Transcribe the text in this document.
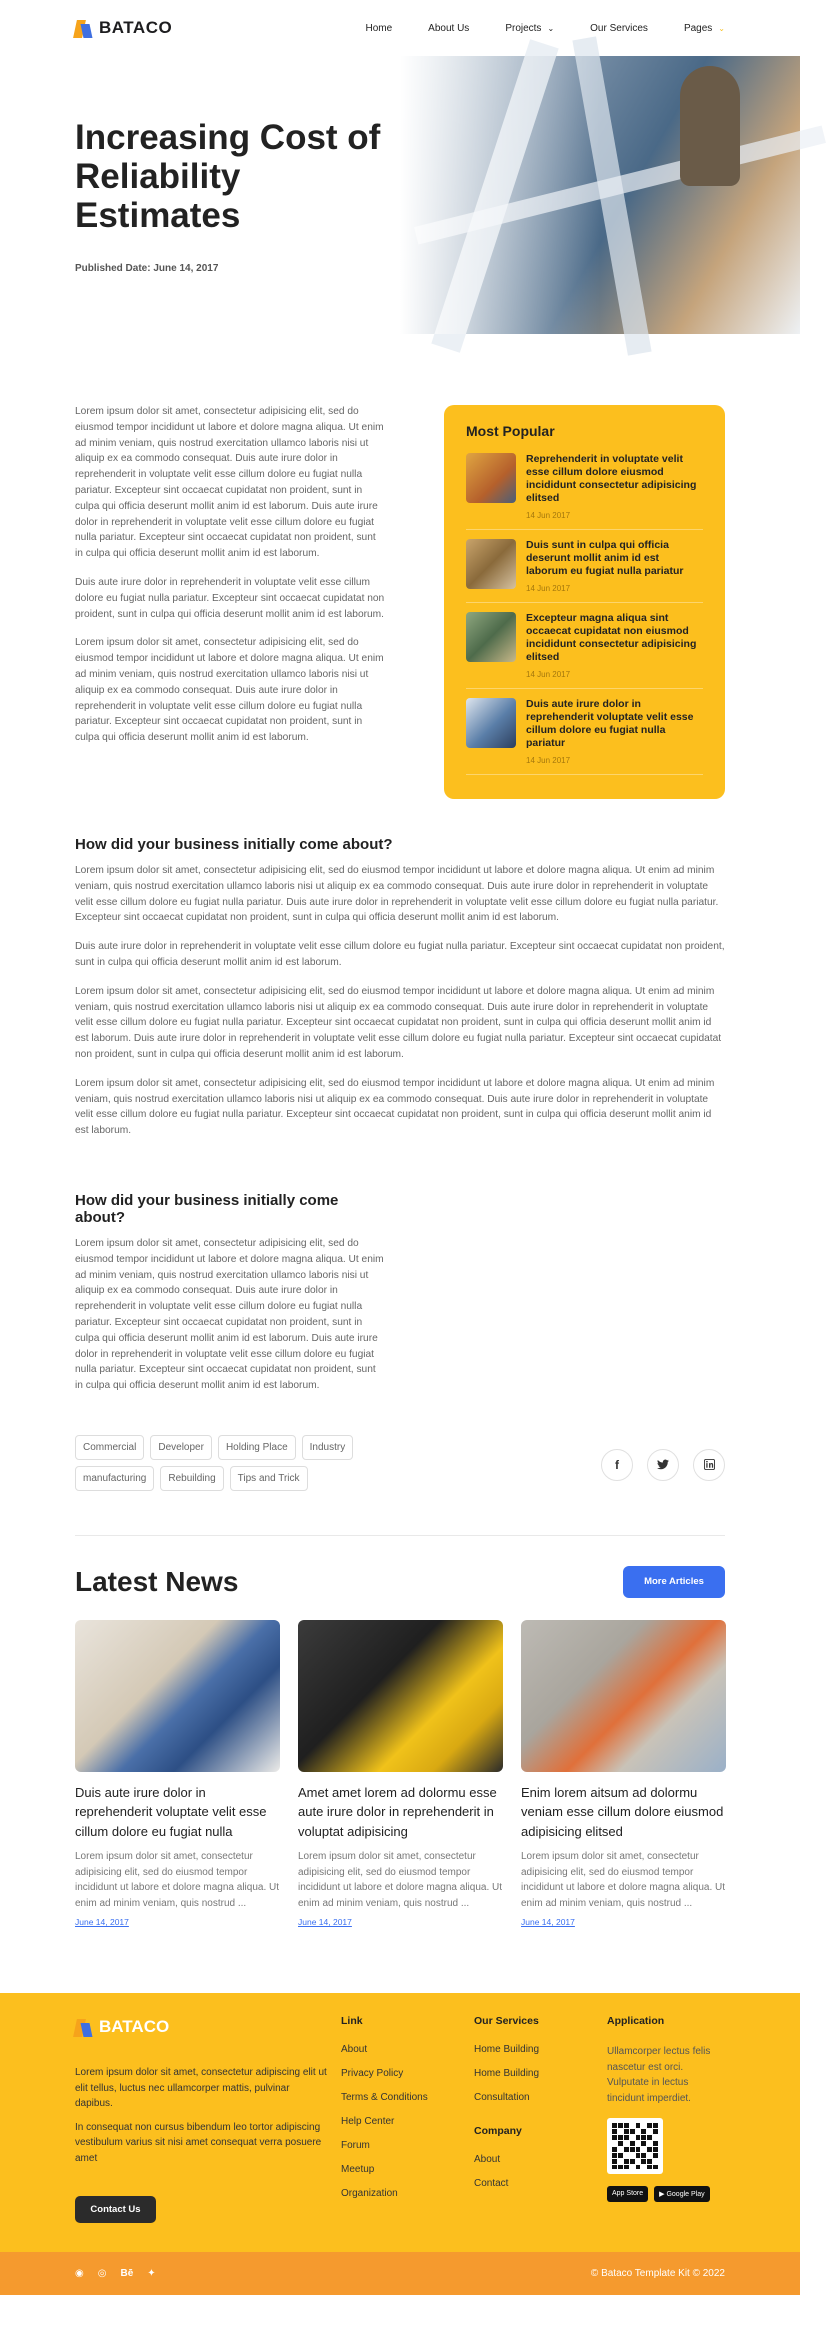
BATACO	Home	About Us	Projects ⌄	Our Services	Pages ⌄
Increasing Cost of Reliability Estimates
Published Date: June 14, 2017

Lorem ipsum dolor sit amet, consectetur adipisicing elit, sed do eiusmod tempor incididunt ut labore et dolore magna aliqua. Ut enim ad minim veniam, quis nostrud exercitation ullamco laboris nisi ut aliquip ex ea commodo consequat. Duis aute irure dolor in reprehenderit in voluptate velit esse cillum dolore eu fugiat nulla pariatur. Excepteur sint occaecat cupidatat non proident, sunt in culpa qui officia deserunt mollit anim id est laborum. Duis aute irure dolor in reprehenderit in voluptate velit esse cillum dolore eu fugiat nulla pariatur. Excepteur sint occaecat cupidatat non proident, sunt in culpa qui officia deserunt mollit anim id est laborum.

Duis aute irure dolor in reprehenderit in voluptate velit esse cillum dolore eu fugiat nulla pariatur. Excepteur sint occaecat cupidatat non proident, sunt in culpa qui officia deserunt mollit anim id est laborum.

Lorem ipsum dolor sit amet, consectetur adipisicing elit, sed do eiusmod tempor incididunt ut labore et dolore magna aliqua. Ut enim ad minim veniam, quis nostrud exercitation ullamco laboris nisi ut aliquip ex ea commodo consequat. Duis aute irure dolor in reprehenderit in voluptate velit esse cillum dolore eu fugiat nulla pariatur. Excepteur sint occaecat cupidatat non proident, sunt in culpa qui officia deserunt mollit anim id est laborum.

Most Popular
Reprehenderit in voluptate velit esse cillum dolore eiusmod incididunt consectetur adipisicing elitsed
14 Jun 2017
Duis sunt in culpa qui officia deserunt mollit anim id est laborum eu fugiat nulla pariatur
14 Jun 2017
Excepteur magna aliqua sint occaecat cupidatat non eiusmod incididunt consectetur adipisicing elitsed
14 Jun 2017
Duis aute irure dolor in reprehenderit voluptate velit esse cillum dolore eu fugiat nulla pariatur
14 Jun 2017
Articles
How did your business initially come about?

Lorem ipsum dolor sit amet, consectetur adipisicing elit, sed do eiusmod tempor incididunt ut labore et dolore magna aliqua. Ut enim ad minim veniam, quis nostrud exercitation ullamco laboris nisi ut aliquip ex ea commodo consequat. Duis aute irure dolor in reprehenderit in voluptate velit esse cillum dolore eu fugiat nulla pariatur. Duis aute irure dolor in reprehenderit in voluptate velit esse cillum dolore eu fugiat nulla pariatur. Excepteur sint occaecat cupidatat non proident, sunt in culpa qui officia deserunt mollit anim id est laborum.

Duis aute irure dolor in reprehenderit in voluptate velit esse cillum dolore eu fugiat nulla pariatur. Excepteur sint occaecat cupidatat non proident, sunt in culpa qui officia deserunt mollit anim id est laborum.

Lorem ipsum dolor sit amet, consectetur adipisicing elit, sed do eiusmod tempor incididunt ut labore et dolore magna aliqua. Ut enim ad minim veniam, quis nostrud exercitation ullamco laboris nisi ut aliquip ex ea commodo consequat. Duis aute irure dolor in reprehenderit in voluptate velit esse cillum dolore eu fugiat nulla pariatur. Excepteur sint occaecat cupidatat non proident, sunt in culpa qui officia deserunt mollit anim id est laborum. Duis aute irure dolor in reprehenderit in voluptate velit esse cillum dolore eu fugiat nulla pariatur. Excepteur sint occaecat cupidatat non proident, sunt in culpa qui officia deserunt mollit anim id est laborum.

Lorem ipsum dolor sit amet, consectetur adipisicing elit, sed do eiusmod tempor incididunt ut labore et dolore magna aliqua. Ut enim ad minim veniam, quis nostrud exercitation ullamco laboris nisi ut aliquip ex ea commodo consequat. Duis aute irure dolor in reprehenderit in voluptate velit esse cillum dolore eu fugiat nulla pariatur. Excepteur sint occaecat cupidatat non proident, sunt in culpa qui officia deserunt mollit anim id est laborum.

How did your business initially come about?

Lorem ipsum dolor sit amet, consectetur adipisicing elit, sed do eiusmod tempor incididunt ut labore et dolore magna aliqua. Ut enim ad minim veniam, quis nostrud exercitation ullamco laboris nisi ut aliquip ex ea commodo consequat. Duis aute irure dolor in reprehenderit in voluptate velit esse cillum dolore eu fugiat nulla pariatur. Excepteur sint occaecat cupidatat non proident, sunt in culpa qui officia deserunt mollit anim id est laborum. Duis aute irure dolor in reprehenderit in voluptate velit esse cillum dolore eu fugiat nulla pariatur. Excepteur sint occaecat cupidatat non proident, sunt in culpa qui officia deserunt mollit anim id est laborum.

Commercial	Developer	Holding Place	Industry
manufacturing	Rebuilding	Tips and Trick
f
Latest News	More Articles
Duis aute irure dolor in reprehenderit voluptate velit esse cillum dolore eu fugiat nulla
Lorem ipsum dolor sit amet, consectetur adipisicing elit, sed do eiusmod tempor incididunt ut labore et dolore magna aliqua. Ut enim ad minim veniam, quis nostrud ...
June 14, 2017
Amet amet lorem ad dolormu esse aute irure dolor in reprehenderit in voluptat adipisicing
Lorem ipsum dolor sit amet, consectetur adipisicing elit, sed do eiusmod tempor incididunt ut labore et dolore magna aliqua. Ut enim ad minim veniam, quis nostrud ...
June 14, 2017
Enim lorem aitsum ad dolormu veniam esse cillum dolore eiusmod adipisicing elitsed
Lorem ipsum dolor sit amet, consectetur adipisicing elit, sed do eiusmod tempor incididunt ut labore et dolore magna aliqua. Ut enim ad minim veniam, quis nostrud ...
June 14, 2017
BATACO

Lorem ipsum dolor sit amet, consectetur adipiscing elit ut elit tellus, luctus nec ullamcorper mattis, pulvinar dapibus.

In consequat non cursus bibendum leo tortor adipiscing vestibulum varius sit nisi amet consequat verra posuere amet

Contact Us
Link
About
Privacy Policy
Terms & Conditions
Help Center
Forum
Meetup
Organization
Our Services
Home Building
Home Building
Consultation
Company
About
Contact
Application

Ullamcorper lectus felis nascetur est orci. Vulputate in lectus tincidunt imperdiet.

App Store	▶ Google Play
◉ ◎ Bē ✦	© Bataco Template Kit © 2022
